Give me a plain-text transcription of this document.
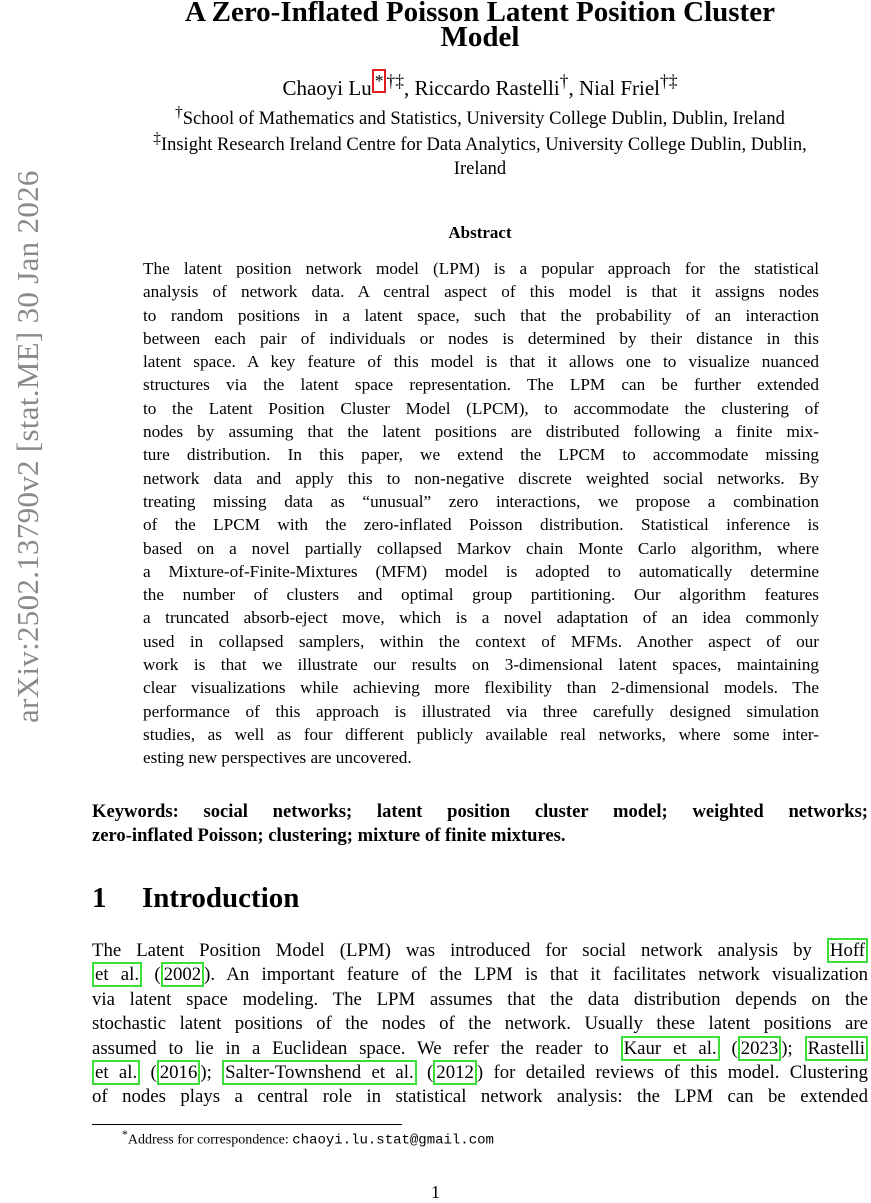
arXiv:2502.13790v2 [stat.ME] 30 Jan 2026
A Zero-Inflated Poisson Latent Position Cluster
Model
Chaoyi Lu * †‡, Riccardo Rastelli†, Nial Friel†‡
†School of Mathematics and Statistics, University College Dublin, Dublin, Ireland
‡Insight Research Ireland Centre for Data Analytics, University College Dublin, Dublin,
Ireland
Abstract
The latent position network model (LPM) is a popular approach for the statistical
analysis of network data. A central aspect of this model is that it assigns nodes
to random positions in a latent space, such that the probability of an interaction
between each pair of individuals or nodes is determined by their distance in this
latent space. A key feature of this model is that it allows one to visualize nuanced
structures via the latent space representation. The LPM can be further extended
to the Latent Position Cluster Model (LPCM), to accommodate the clustering of
nodes by assuming that the latent positions are distributed following a finite mix-
ture distribution. In this paper, we extend the LPCM to accommodate missing
network data and apply this to non-negative discrete weighted social networks. By
treating missing data as “unusual” zero interactions, we propose a combination
of the LPCM with the zero-inflated Poisson distribution. Statistical inference is
based on a novel partially collapsed Markov chain Monte Carlo algorithm, where
a Mixture-of-Finite-Mixtures (MFM) model is adopted to automatically determine
the number of clusters and optimal group partitioning. Our algorithm features
a truncated absorb-eject move, which is a novel adaptation of an idea commonly
used in collapsed samplers, within the context of MFMs. Another aspect of our
work is that we illustrate our results on 3-dimensional latent spaces, maintaining
clear visualizations while achieving more flexibility than 2-dimensional models. The
performance of this approach is illustrated via three carefully designed simulation
studies, as well as four different publicly available real networks, where some inter-
esting new perspectives are uncovered.
Keywords: social networks; latent position cluster model; weighted networks;
zero-inflated Poisson; clustering; mixture of finite mixtures.
1 Introduction
The Latent Position Model (LPM) was introduced for social network analysis by Hoff
et al. ( 2002 ). An important feature of the LPM is that it facilitates network visualization
via latent space modeling. The LPM assumes that the data distribution depends on the
stochastic latent positions of the nodes of the network. Usually these latent positions are
assumed to lie in a Euclidean space. We refer the reader to Kaur et al. ( 2023 ); Rastelli
et al. ( 2016 ); Salter-Townshend et al. ( 2012 ) for detailed reviews of this model. Clustering
of nodes plays a central role in statistical network analysis: the LPM can be extended
*Address for correspondence: chaoyi.lu.stat@gmail.com
1
